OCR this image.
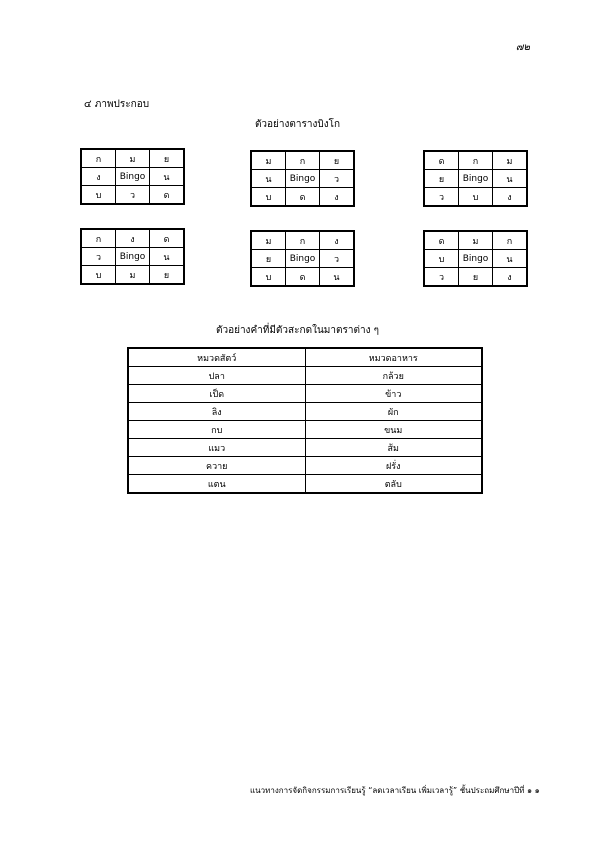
๗๒
๔ ภาพประกอบ
ตัวอย่างตารางบิงโก
ก	ม	ย
ง	Bingo	น
บ	ว	ด
ม	ก	ย
น	Bingo	ว
บ	ด	ง
ด	ก	ม
ย	Bingo	น
ว	บ	ง
ก	ง	ด
ว	Bingo	น
บ	ม	ย
ม	ก	ง
ย	Bingo	ว
บ	ด	น
ด	ม	ก
บ	Bingo	น
ว	ย	ง
ตัวอย่างคำที่มีตัวสะกดในมาตราต่าง ๆ
หมวดสัตว์	หมวดอาหาร
ปลา	กล้วย
เป็ด	ข้าว
ลิง	ผัก
กบ	ขนม
แมว	ส้ม
ควาย	ฝรั่ง
แตน	ตลับ
แนวทางการจัดกิจกรรมการเรียนรู้ “ลดเวลาเรียน เพิ่มเวลารู้” ชั้นประถมศึกษาปีที่ ๑ ๑
